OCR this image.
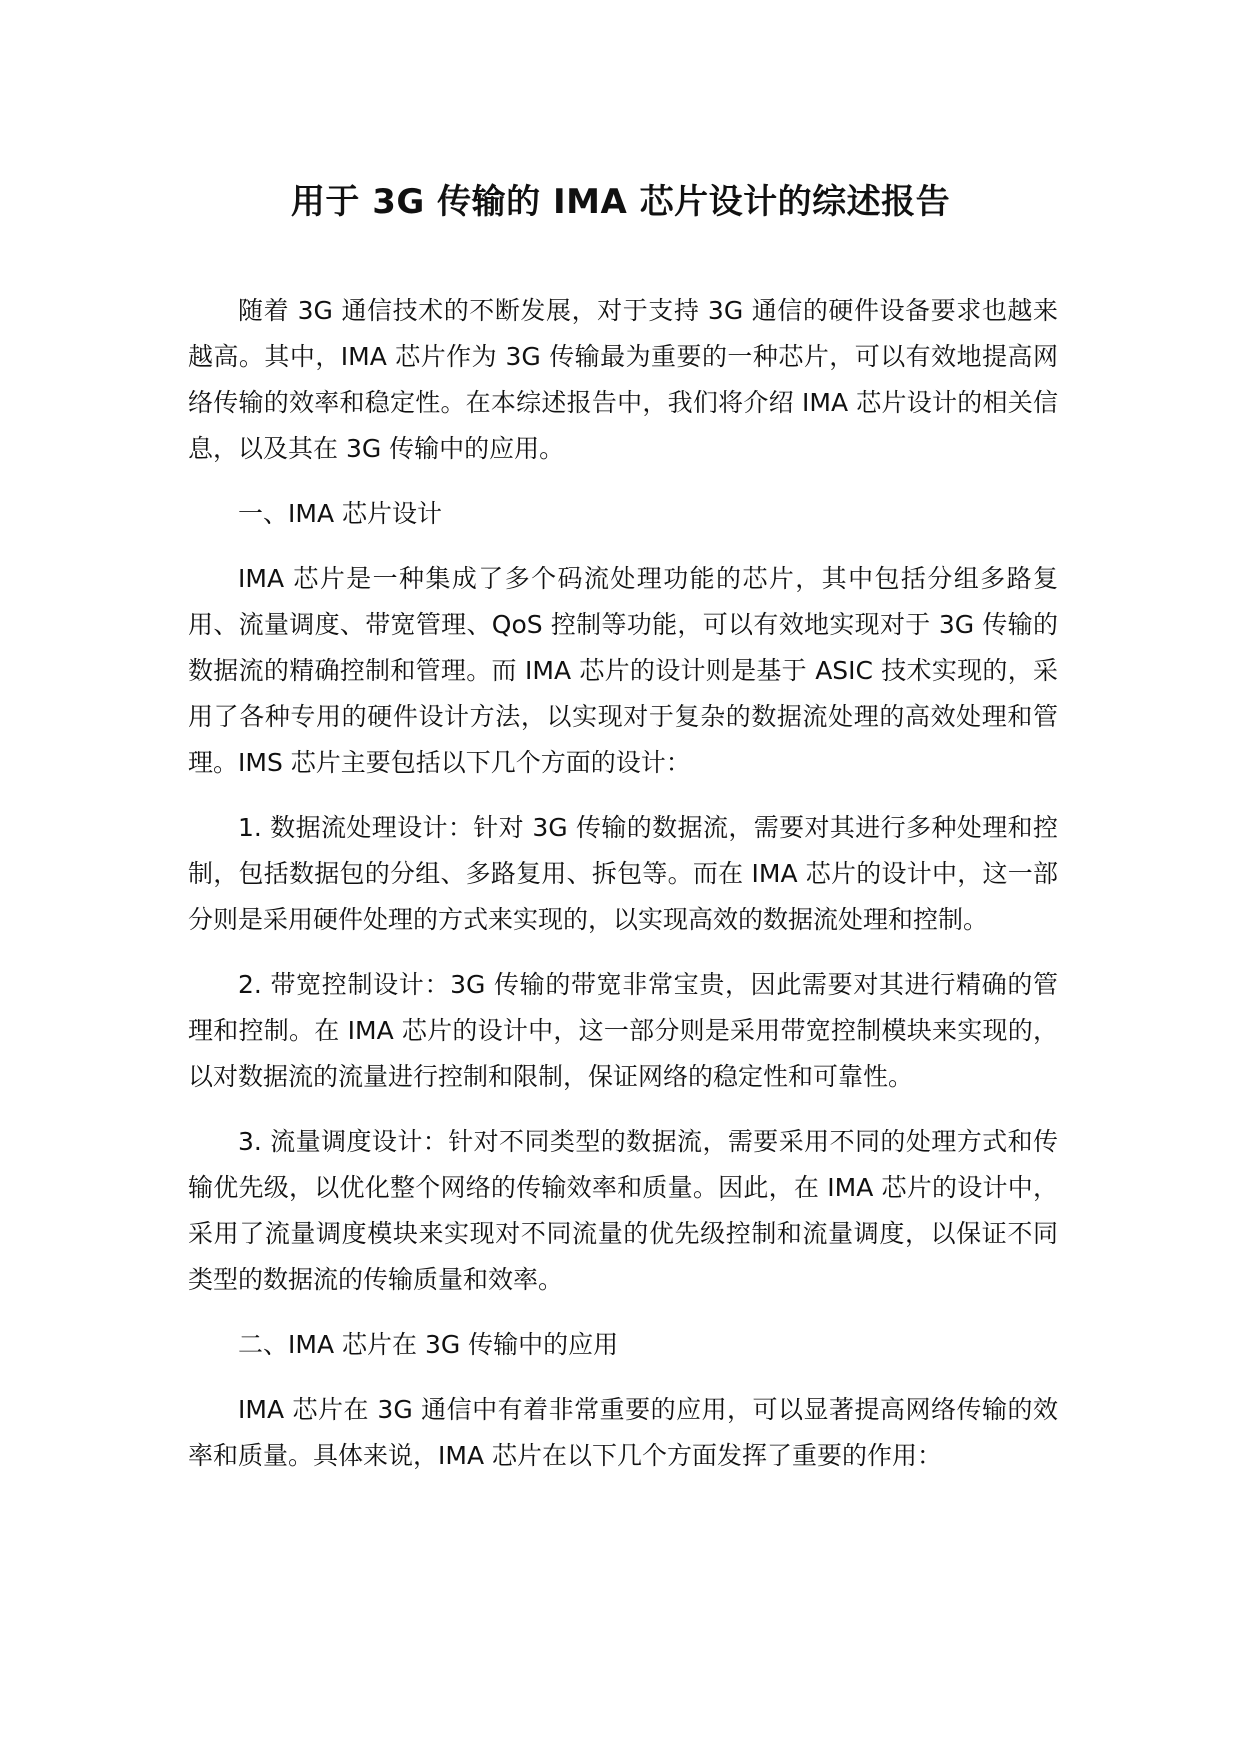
用于 3G 传输的 IMA 芯片设计的综述报告

随着 3G 通信技术的不断发展，对于支持 3G 通信的硬件设备要求也越来越高。其中，IMA 芯片作为 3G 传输最为重要的一种芯片，可以有效地提高网络传输的效率和稳定性。在本综述报告中，我们将介绍 IMA 芯片设计的相关信息，以及其在 3G 传输中的应用。

一、IMA 芯片设计

IMA 芯片是一种集成了多个码流处理功能的芯片，其中包括分组多路复用、流量调度、带宽管理、QoS 控制等功能，可以有效地实现对于 3G 传输的数据流的精确控制和管理。而 IMA 芯片的设计则是基于 ASIC 技术实现的，采用了各种专用的硬件设计方法，以实现对于复杂的数据流处理的高效处理和管理。IMS 芯片主要包括以下几个方面的设计：

1. 数据流处理设计：针对 3G 传输的数据流，需要对其进行多种处理和控制，包括数据包的分组、多路复用、拆包等。而在 IMA 芯片的设计中，这一部分则是采用硬件处理的方式来实现的，以实现高效的数据流处理和控制。

2. 带宽控制设计：3G 传输的带宽非常宝贵，因此需要对其进行精确的管理和控制。在 IMA 芯片的设计中，这一部分则是采用带宽控制模块来实现的，以对数据流的流量进行控制和限制，保证网络的稳定性和可靠性。

3. 流量调度设计：针对不同类型的数据流，需要采用不同的处理方式和传输优先级，以优化整个网络的传输效率和质量。因此，在 IMA 芯片的设计中，采用了流量调度模块来实现对不同流量的优先级控制和流量调度，以保证不同类型的数据流的传输质量和效率。

二、IMA 芯片在 3G 传输中的应用

IMA 芯片在 3G 通信中有着非常重要的应用，可以显著提高网络传输的效率和质量。具体来说，IMA 芯片在以下几个方面发挥了重要的作用：
